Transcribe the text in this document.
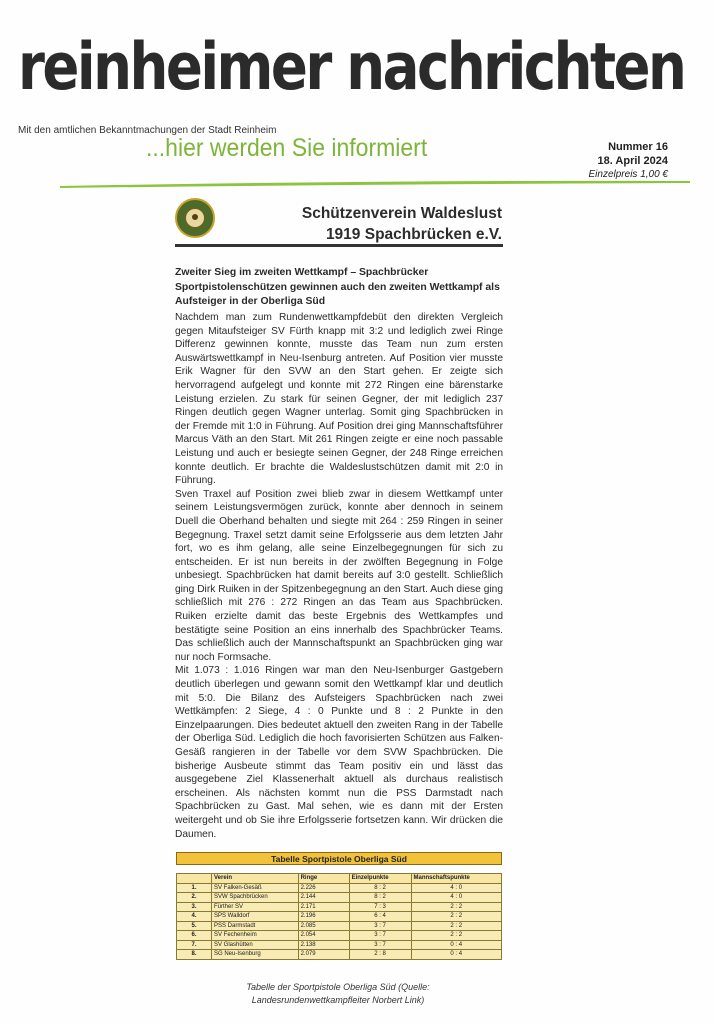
reinheimer nachrichten
Mit den amtlichen Bekanntmachungen der Stadt Reinheim
...hier werden Sie informiert	Nummer 16
18. April 2024
Einzelpreis 1,00 €
Schützenverein Waldeslust
1919 Spachbrücken e.V.
Zweiter Sieg im zweiten Wettkampf – Spachbrücker Sportpistolenschützen gewinnen auch den zweiten Wettkampf als Aufsteiger in der Oberliga Süd

Nachdem man zum Rundenwettkampfdebüt den direkten Vergleich gegen Mitaufsteiger SV Fürth knapp mit 3:2 und lediglich zwei Ringe Differenz gewinnen konnte, musste das Team nun zum ersten Auswärtswettkampf in Neu-Isenburg antreten. Auf Position vier musste Erik Wagner für den SVW an den Start gehen. Er zeigte sich hervorragend aufgelegt und konnte mit 272 Ringen eine bärenstarke Leistung erzielen. Zu stark für seinen Gegner, der mit lediglich 237 Ringen deutlich gegen Wagner unterlag. Somit ging Spachbrücken in der Fremde mit 1:0 in Führung. Auf Position drei ging Mannschaftsführer Marcus Väth an den Start. Mit 261 Ringen zeigte er eine noch passable Leistung und auch er besiegte seinen Gegner, der 248 Ringe erreichen konnte deutlich. Er brachte die Waldeslustschützen damit mit 2:0 in Führung.

Sven Traxel auf Position zwei blieb zwar in diesem Wettkampf unter seinem Leistungsvermögen zurück, konnte aber dennoch in seinem Duell die Oberhand behalten und siegte mit 264 : 259 Ringen in seiner Begegnung. Traxel setzt damit seine Erfolgsserie aus dem letzten Jahr fort, wo es ihm gelang, alle seine Einzelbegegnungen für sich zu entscheiden. Er ist nun bereits in der zwölften Begegnung in Folge unbesiegt. Spachbrücken hat damit bereits auf 3:0 gestellt. Schließlich ging Dirk Ruiken in der Spitzenbegegnung an den Start. Auch diese ging schließlich mit 276 : 272 Ringen an das Team aus Spachbrücken. Ruiken erzielte damit das beste Ergebnis des Wettkampfes und bestätigte seine Position an eins innerhalb des Spachbrücker Teams. Das schließlich auch der Mannschaftspunkt an Spachbrücken ging war nur noch Formsache.

Mit 1.073 : 1.016 Ringen war man den Neu-Isenburger Gastgebern deutlich überlegen und gewann somit den Wettkampf klar und deutlich mit 5:0. Die Bilanz des Aufsteigers Spachbrücken nach zwei Wettkämpfen: 2 Siege, 4 : 0 Punkte und 8 : 2 Punkte in den Einzelpaarungen. Dies bedeutet aktuell den zweiten Rang in der Tabelle der Oberliga Süd. Lediglich die hoch favorisierten Schützen aus Falken-Gesäß rangieren in der Tabelle vor dem SVW Spachbrücken. Die bisherige Ausbeute stimmt das Team positiv ein und lässt das ausgegebene Ziel Klassenerhalt aktuell als durchaus realistisch erscheinen. Als nächsten kommt nun die PSS Darmstadt nach Spachbrücken zu Gast. Mal sehen, wie es dann mit der Ersten weitergeht und ob Sie ihre Erfolgsserie fortsetzen kann. Wir drücken die Daumen.

Tabelle Sportpistole Oberliga Süd
	Verein	Ringe	Einzelpunkte	Mannschaftspunkte
1.	SV Falken-Gesäß	2.226	8 : 2	4 : 0
2.	SVW Spachbrücken	2.144	8 : 2	4 : 0
3.	Fürther SV	2.171	7 : 3	2 : 2
4.	SPS Walldorf	2.196	6 : 4	2 : 2
5.	PSS Darmstadt	2.085	3 : 7	2 : 2
6.	SV Fechenheim	2.054	3 : 7	2 : 2
7.	SV Glashütten	2.138	3 : 7	0 : 4
8.	SG Neu-Isenburg	2.079	2 : 8	0 : 4
Tabelle der Sportpistole Oberliga Süd (Quelle: Landesrundenwettkampfleiter Norbert Link)
